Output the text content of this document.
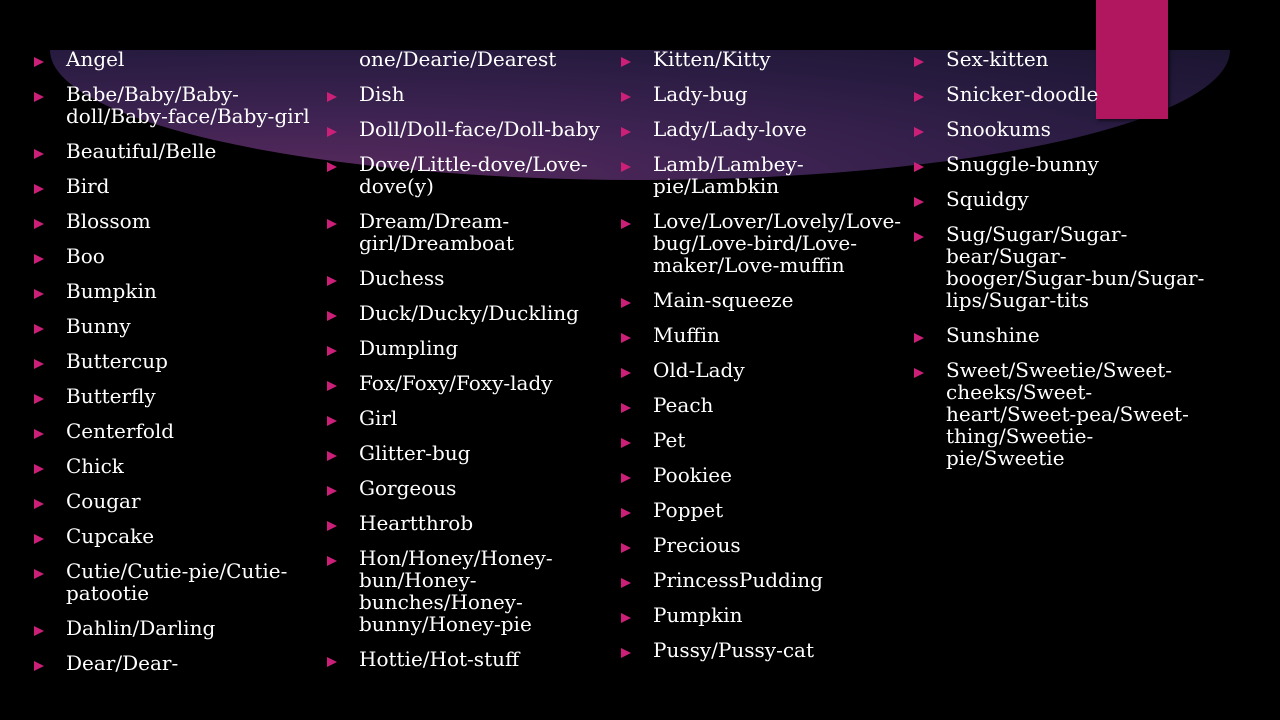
Angel
Babe/Baby/Baby-doll/Baby-face/Baby-girl
Beautiful/Belle
Bird
Blossom
Boo
Bumpkin
Bunny
Buttercup
Butterfly
Centerfold
Chick
Cougar
Cupcake
Cutie/Cutie-pie/Cutie-patootie
Dahlin/Darling
Dear/Dear-
one/Dearie/Dearest
Dish
Doll/Doll-face/Doll-baby
Dove/Little-dove/Love-dove(y)
Dream/Dream-girl/Dreamboat
Duchess
Duck/Ducky/Duckling
Dumpling
Fox/Foxy/Foxy-lady
Girl
Glitter-bug
Gorgeous
Heartthrob
Hon/Honey/Honey-bun/Honey-bunches/Honey-bunny/Honey-pie
Hottie/Hot-stuff
Kitten/Kitty
Lady-bug
Lady/Lady-love
Lamb/Lambey-pie/Lambkin
Love/Lover/Lovely/Love-bug/Love-bird/Love-maker/Love-muffin
Main-squeeze
Muffin
Old-Lady
Peach
Pet
Pookiee
Poppet
Precious
PrincessPudding
Pumpkin
Pussy/Pussy-cat
Sex-kitten
Snicker-doodle
Snookums
Snuggle-bunny
Squidgy
Sug/Sugar/Sugar-bear/Sugar-booger/Sugar-bun/Sugar-lips/Sugar-tits
Sunshine
Sweet/Sweetie/Sweet-cheeks/Sweet-heart/Sweet-pea/Sweet-thing/Sweetie-pie/Sweetie
